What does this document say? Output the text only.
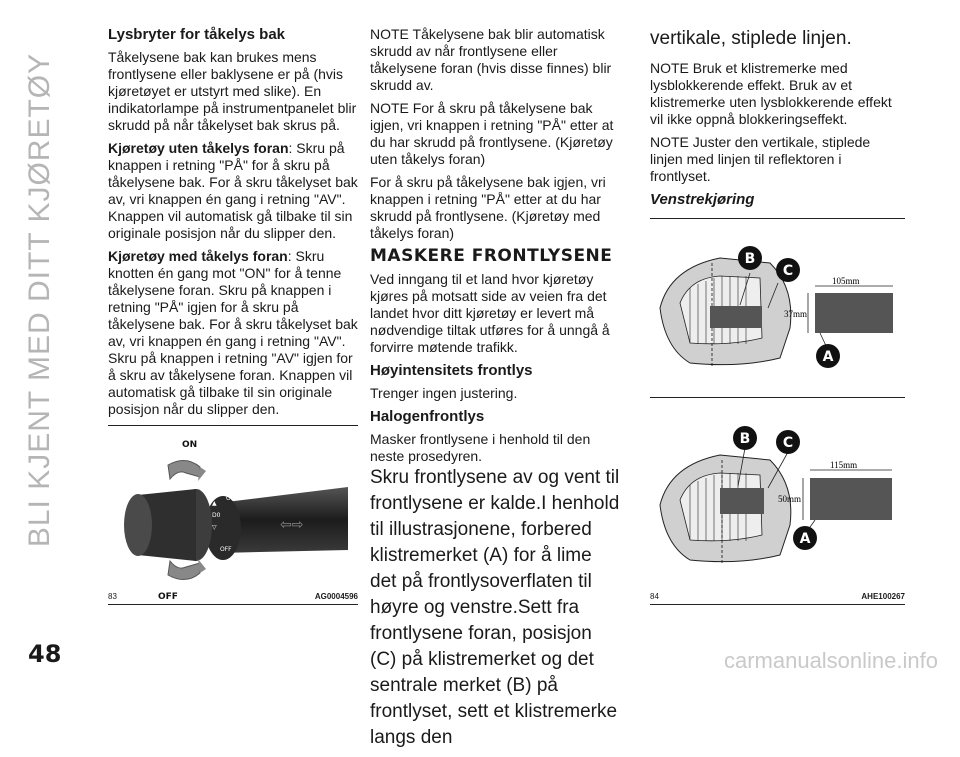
BLI KJENT MED DITT KJØRETØY

Lysbryter for tåkelys bak

Tåkelysene bak kan brukes mens frontlysene eller baklysene er på (hvis kjøretøyet er utstyrt med slike). En indikatorlampe på instrumentpanelet blir skrudd på når tåkelyset bak skrus på.

Kjøretøy uten tåkelys foran: Skru på knappen i retning "PÅ" for å skru på tåkelysene bak. For å skru tåkelyset bak av, vri knappen én gang i retning "AV". Knappen vil automatisk gå tilbake til sin originale posisjon når du slipper den.

Kjøretøy med tåkelys foran: Skru knotten én gang mot "ON" for å tenne tåkelysene foran. Skru på knappen i retning "PÅ" igjen for å skru på tåkelysene bak. For å skru tåkelyset bak av, vri knappen én gang i retning "AV". Skru på knappen i retning "AV" igjen for å skru av tåkelysene foran. Knappen vil automatisk gå tilbake til sin originale posisjon når du slipper den.

▲
D0
▽	⇦⇨
ON
OFF
ON
OFF
83	AG0004596

NOTE Tåkelysene bak blir automatisk skrudd av når frontlysene eller tåkelysene foran (hvis disse finnes) blir skrudd av.

NOTE For å skru på tåkelysene bak igjen, vri knappen i retning "PÅ" etter at du har skrudd på frontlysene. (Kjøretøy uten tåkelys foran)

For å skru på tåkelysene bak igjen, vri knappen i retning "PÅ" etter at du har skrudd på frontlysene. (Kjøretøy med tåkelys foran)

MASKERE FRONTLYSENE

Ved inngang til et land hvor kjøretøy kjøres på motsatt side av veien fra det landet hvor ditt kjøretøy er levert må nødvendige tiltak utføres for å unngå å forvirre møtende trafikk.

Høyintensitets frontlys

Trenger ingen justering.

Halogenfrontlys

Masker frontlysene i henhold til den neste prosedyren.

Skru frontlysene av og vent til frontlysene er kalde.I henhold til illustrasjonene, forbered klistremerket (A) for å lime det på frontlysoverflaten til høyre og venstre.Sett fra frontlysene foran, posisjon (C) på klistremerket og det sentrale merket (B) på frontlyset, sett et klistremerke langs den

vertikale, stiplede linjen.

NOTE Bruk et klistremerke med lysblokkerende effekt. Bruk av et klistremerke uten lysblokkerende effekt vil ikke oppnå blokkeringseffekt.

NOTE Juster den vertikale, stiplede linjen med linjen til reflektoren i frontlyset.

Venstrekjøring

105mm
37mm
B
C
A
115mm
50mm
B C
A
84	AHE100267
48	carmanualsonline.info
